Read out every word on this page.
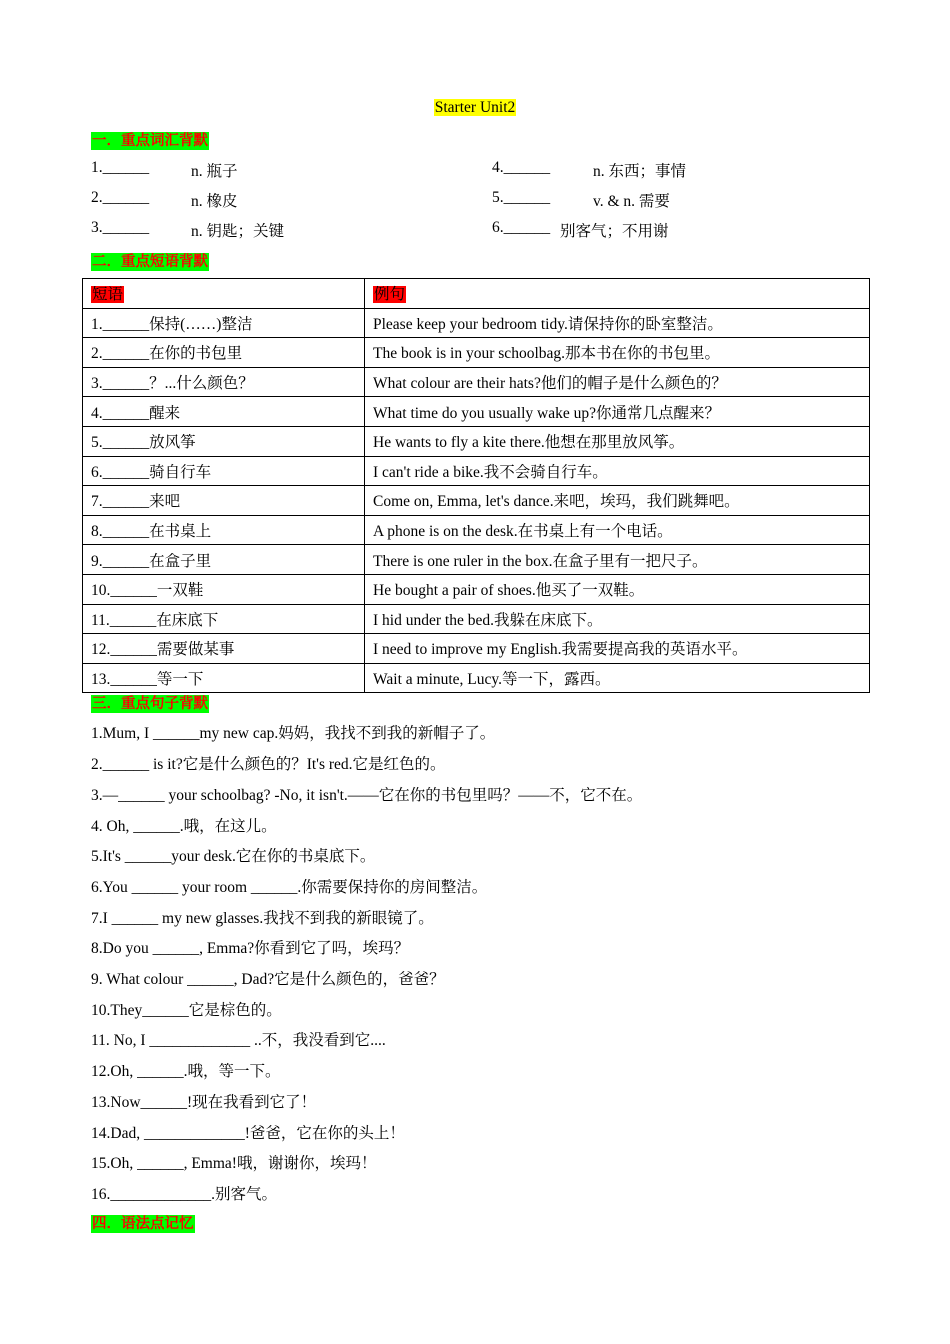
Starter Unit2
一．重点词汇背默
1.______	n. 瓶子	4.______	n. 东西；事情
2.______	n. 橡皮	5.______	v. & n. 需要
3.______	n. 钥匙；关键	6.______ 别客气；不用谢
二．重点短语背默
短语	例句
1.______保持(……)整洁	Please keep your bedroom tidy.请保持你的卧室整洁。
2.______在你的书包里	The book is in your schoolbag.那本书在你的书包里。
3.______？...什么颜色？	What colour are their hats?他们的帽子是什么颜色的？
4.______醒来	What time do you usually wake up?你通常几点醒来？
5.______放风筝	He wants to fly a kite there.他想在那里放风筝。
6.______骑自行车	I can't ride a bike.我不会骑自行车。
7.______来吧	Come on, Emma, let's dance.来吧，埃玛，我们跳舞吧。
8.______在书桌上	A phone is on the desk.在书桌上有一个电话。
9.______在盒子里	There is one ruler in the box.在盒子里有一把尺子。
10.______一双鞋	He bought a pair of shoes.他买了一双鞋。
11.______在床底下	I hid under the bed.我躲在床底下。
12.______需要做某事	I need to improve my English.我需要提高我的英语水平。
13.______等一下	Wait a minute, Lucy.等一下，露西。
三．重点句子背默
1.Mum, I ______my new cap.妈妈，我找不到我的新帽子了。
2.______ is it?它是什么颜色的？It's red.它是红色的。
3.—______ your schoolbag? -No, it isn't.——它在你的书包里吗？——不，它不在。
4. Oh, ______.哦，在这儿。
5.It's ______your desk.它在你的书桌底下。
6.You ______ your room ______.你需要保持你的房间整洁。
7.I ______ my new glasses.我找不到我的新眼镜了。
8.Do you ______, Emma?你看到它了吗，埃玛？
9. What colour ______, Dad?它是什么颜色的，爸爸？
10.They______它是棕色的。
11. No, I _____________ ..不，我没看到它....
12.Oh, ______.哦，等一下。
13.Now______!现在我看到它了！
14.Dad, _____________!爸爸，它在你的头上！
15.Oh, ______, Emma!哦，谢谢你，埃玛！
16._____________.别客气。
四．语法点记忆
